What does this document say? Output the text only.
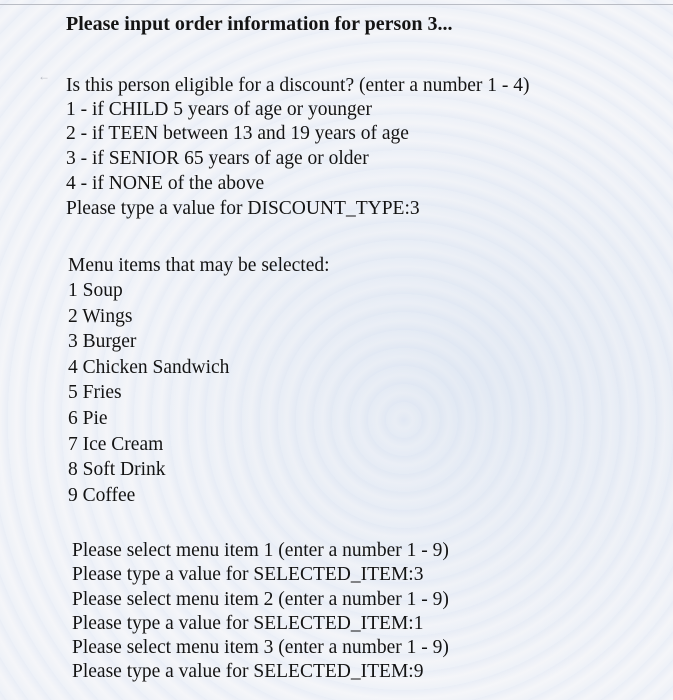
Please input order information for person 3...
← Is this person eligible for a discount? (enter a number 1 - 4)
1 - if CHILD 5 years of age or younger
2 - if TEEN between 13 and 19 years of age
3 - if SENIOR 65 years of age or older
4 - if NONE of the above
Please type a value for DISCOUNT_TYPE:3
Menu items that may be selected:
1 Soup
2 Wings
3 Burger
4 Chicken Sandwich
5 Fries
6 Pie
7 Ice Cream
8 Soft Drink
9 Coffee
Please select menu item 1 (enter a number 1 - 9)
Please type a value for SELECTED_ITEM:3
Please select menu item 2 (enter a number 1 - 9)
Please type a value for SELECTED_ITEM:1
Please select menu item 3 (enter a number 1 - 9)
Please type a value for SELECTED_ITEM:9
